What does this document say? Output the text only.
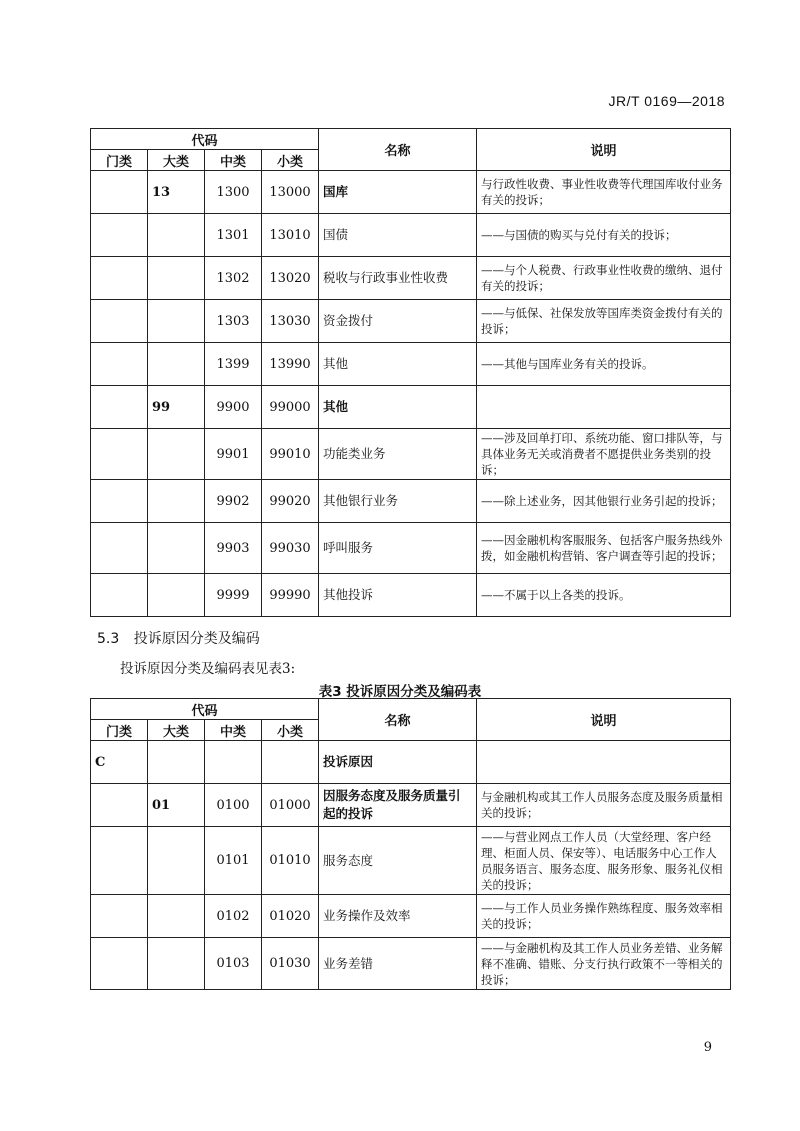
JR/T 0169—2018
代码				名称	说明
门类	大类	中类	小类		
	13	1300	13000	国库	与行政性收费、事业性收费等代理国库收付业务有关的投诉；
		1301	13010	国债	——与国债的购买与兑付有关的投诉；
		1302	13020	税收与行政事业性收费	——与个人税费、行政事业性收费的缴纳、退付有关的投诉；
		1303	13030	资金拨付	——与低保、社保发放等国库类资金拨付有关的投诉；
		1399	13990	其他	——其他与国库业务有关的投诉。
	99	9900	99000	其他	
		9901	99010	功能类业务	——涉及回单打印、系统功能、窗口排队等，与具体业务无关或消费者不愿提供业务类别的投诉；
		9902	99020	其他银行业务	——除上述业务，因其他银行业务引起的投诉；
		9903	99030	呼叫服务	——因金融机构客服服务、包括客户服务热线外拨，如金融机构营销、客户调查等引起的投诉；
		9999	99990	其他投诉	——不属于以上各类的投诉。
5.3 投诉原因分类及编码
投诉原因分类及编码表见表3:
表3 投诉原因分类及编码表
代码				名称	说明
门类	大类	中类	小类		
C				投诉原因	
	01	0100	01000	因服务态度及服务质量引起的投诉	与金融机构或其工作人员服务态度及服务质量相关的投诉；
		0101	01010	服务态度	——与营业网点工作人员（大堂经理、客户经理、柜面人员、保安等）、电话服务中心工作人员服务语言、服务态度、服务形象、服务礼仪相关的投诉；
		0102	01020	业务操作及效率	——与工作人员业务操作熟练程度、服务效率相关的投诉；
		0103	01030	业务差错	——与金融机构及其工作人员业务差错、业务解释不准确、错账、分支行执行政策不一等相关的投诉；
9
